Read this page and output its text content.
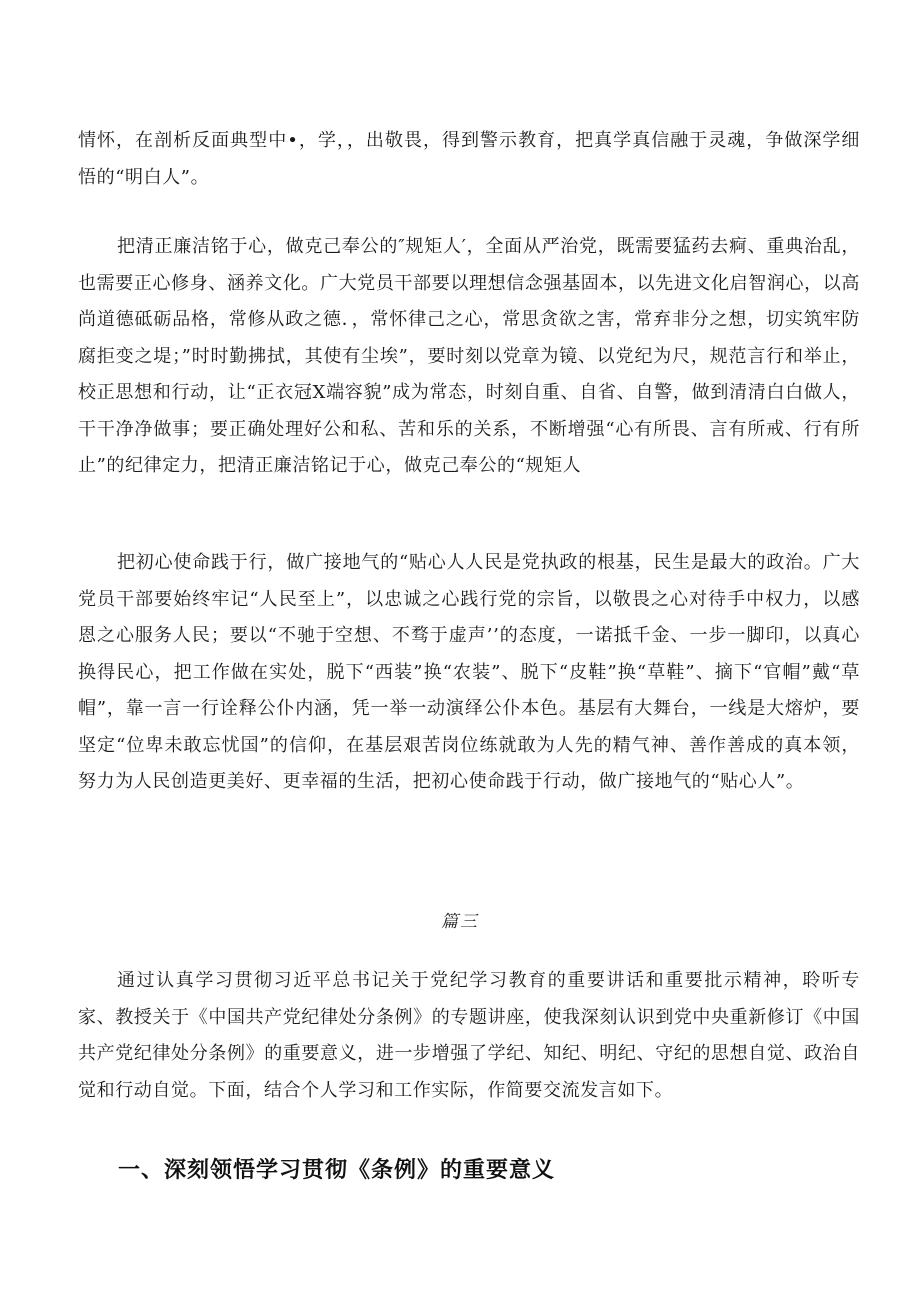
情怀，在剖析反面典型中•，学，，出敬畏，得到警示教育，把真学真信融于灵魂，争做深学细悟的“明白人”。

把清正廉洁铭于心，做克己奉公的″规矩人′，全面从严治党，既需要猛药去痾、重典治乱，也需要正心修身、涵养文化。广大党员干部要以理想信念强基固本，以先进文化启智润心，以高尚道德砥砺品格，常修从政之德．，常怀律己之心，常思贪欲之害，常弃非分之想，切实筑牢防腐拒变之堤；”时时勤拂拭，其使有尘埃”，要时刻以党章为镜、以党纪为尺，规范言行和举止，校正思想和行动，让“正衣冠X端容貌”成为常态，时刻自重、自省、自警，做到清清白白做人，干干净净做事；要正确处理好公和私、苦和乐的关系，不断增强“心有所畏、言有所戒、行有所止”的纪律定力，把清正廉洁铭记于心，做克己奉公的“规矩人

把初心使命践于行，做广接地气的“贴心人人民是党执政的根基，民生是最大的政治。广大党员干部要始终牢记“人民至上”，以忠诚之心践行党的宗旨，以敬畏之心对待手中权力，以感恩之心服务人民；要以“不驰于空想、不骛于虚声’’的态度，一诺抵千金、一步一脚印，以真心换得民心，把工作做在实处，脱下“西装”换“农装”、脱下“皮鞋”换“草鞋”、摘下“官帽”戴“草帽”，靠一言一行诠释公仆内涵，凭一举一动演绎公仆本色。基层有大舞台，一线是大熔炉，要坚定“位卑未敢忘忧国”的信仰，在基层艰苦岗位练就敢为人先的精气神、善作善成的真本领，努力为人民创造更美好、更幸福的生活，把初心使命践于行动，做广接地气的“贴心人”。

篇三

通过认真学习贯彻习近平总书记关于党纪学习教育的重要讲话和重要批示精神，聆听专家、教授关于《中国共产党纪律处分条例》的专题讲座，使我深刻认识到党中央重新修订《中国共产党纪律处分条例》的重要意义，进一步增强了学纪、知纪、明纪、守纪的思想自觉、政治自觉和行动自觉。下面，结合个人学习和工作实际，作简要交流发言如下。

一、深刻领悟学习贯彻《条例》的重要意义
